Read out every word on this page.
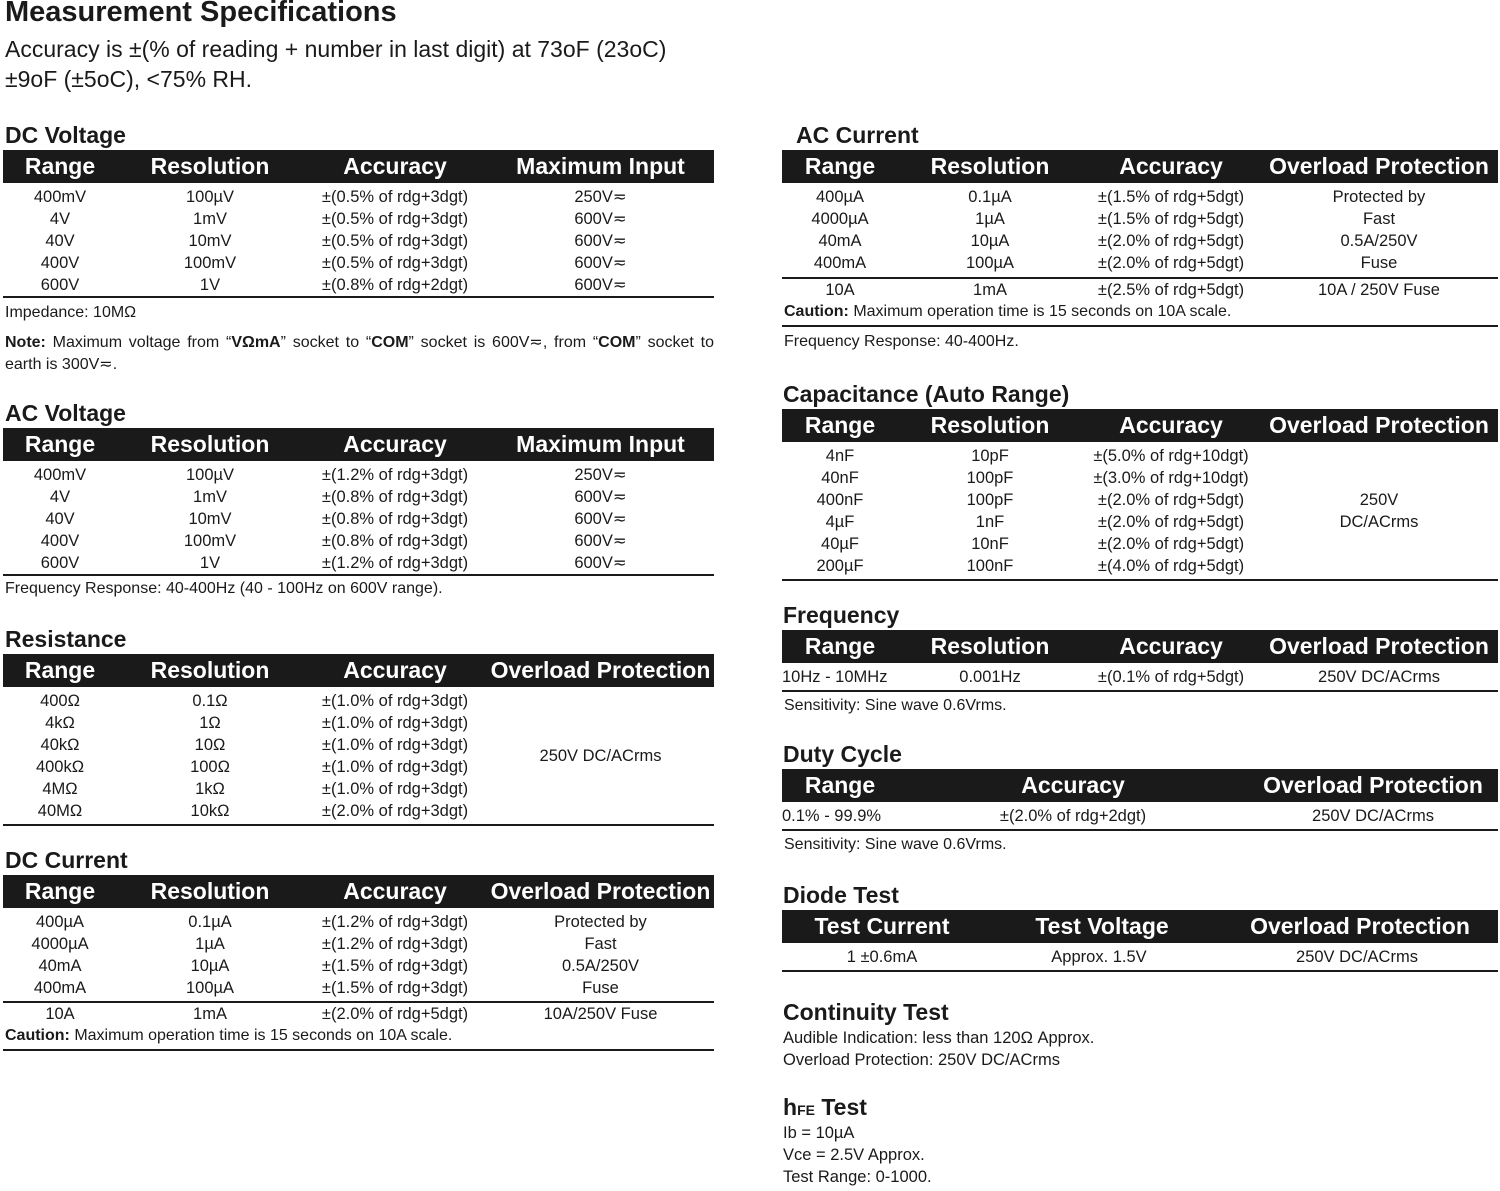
Measurement Specifications
Accuracy is ±(% of reading + number in last digit) at 73oF (23oC)
±9oF (±5oC), <75% RH.
DC Voltage
Range	Resolution	Accuracy	Maximum Input
400mV	100µV	±(0.5% of rdg+3dgt)	250V≂
4V	1mV	±(0.5% of rdg+3dgt)	600V≂
40V	10mV	±(0.5% of rdg+3dgt)	600V≂
400V	100mV	±(0.5% of rdg+3dgt)	600V≂
600V	1V	±(0.8% of rdg+2dgt)	600V≂
Impedance: 10MΩ
Note: Maximum voltage from “VΩmA” socket to “COM” socket is 600V≂, from “COM” socket to earth is 300V≂.
AC Voltage
Range	Resolution	Accuracy	Maximum Input
400mV	100µV	±(1.2% of rdg+3dgt)	250V≂
4V	1mV	±(0.8% of rdg+3dgt)	600V≂
40V	10mV	±(0.8% of rdg+3dgt)	600V≂
400V	100mV	±(0.8% of rdg+3dgt)	600V≂
600V	1V	±(1.2% of rdg+3dgt)	600V≂
Frequency Response: 40-400Hz (40 - 100Hz on 600V range).
Resistance
Range	Resolution	Accuracy	Overload Protection
400Ω	0.1Ω	±(1.0% of rdg+3dgt)
4kΩ	1Ω	±(1.0% of rdg+3dgt)
40kΩ	10Ω	±(1.0% of rdg+3dgt)
400kΩ	100Ω	±(1.0% of rdg+3dgt)
4MΩ	1kΩ	±(1.0% of rdg+3dgt)
40MΩ	10kΩ	±(2.0% of rdg+3dgt)
250V DC/ACrms
DC Current
Range	Resolution	Accuracy	Overload Protection
400µA	0.1µA	±(1.2% of rdg+3dgt)	Protected by
4000µA	1µA	±(1.2% of rdg+3dgt)	Fast
40mA	10µA	±(1.5% of rdg+3dgt)	0.5A/250V
400mA	100µA	±(1.5% of rdg+3dgt)	Fuse
10A	1mA	±(2.0% of rdg+5dgt)	10A/250V Fuse
Caution: Maximum operation time is 15 seconds on 10A scale.
AC Current
Range	Resolution	Accuracy	Overload Protection
400µA	0.1µA	±(1.5% of rdg+5dgt)	Protected by
4000µA	1µA	±(1.5% of rdg+5dgt)	Fast
40mA	10µA	±(2.0% of rdg+5dgt)	0.5A/250V
400mA	100µA	±(2.0% of rdg+5dgt)	Fuse
10A	1mA	±(2.5% of rdg+5dgt)	10A / 250V Fuse
Caution: Maximum operation time is 15 seconds on 10A scale.
Frequency Response: 40-400Hz.
Capacitance (Auto Range)
Range	Resolution	Accuracy	Overload Protection
4nF	10pF	±(5.0% of rdg+10dgt)
40nF	100pF	±(3.0% of rdg+10dgt)
400nF	100pF	±(2.0% of rdg+5dgt)
4µF	1nF	±(2.0% of rdg+5dgt)
40µF	10nF	±(2.0% of rdg+5dgt)
200µF	100nF	±(4.0% of rdg+5dgt)
250V
DC/ACrms
Frequency
Range	Resolution	Accuracy	Overload Protection
10Hz - 10MHz	0.001Hz	±(0.1% of rdg+5dgt)	250V DC/ACrms
Sensitivity: Sine wave 0.6Vrms.
Duty Cycle
Range	Accuracy	Overload Protection
0.1% - 99.9%	±(2.0% of rdg+2dgt)	250V DC/ACrms
Sensitivity: Sine wave 0.6Vrms.
Diode Test
Test Current	Test Voltage	Overload Protection
1 ±0.6mA	Approx. 1.5V	250V DC/ACrms
Continuity Test
Audible Indication: less than 120Ω Approx.
Overload Protection: 250V DC/ACrms
hFE Test
Ib = 10µA
Vce = 2.5V Approx.
Test Range: 0-1000.
